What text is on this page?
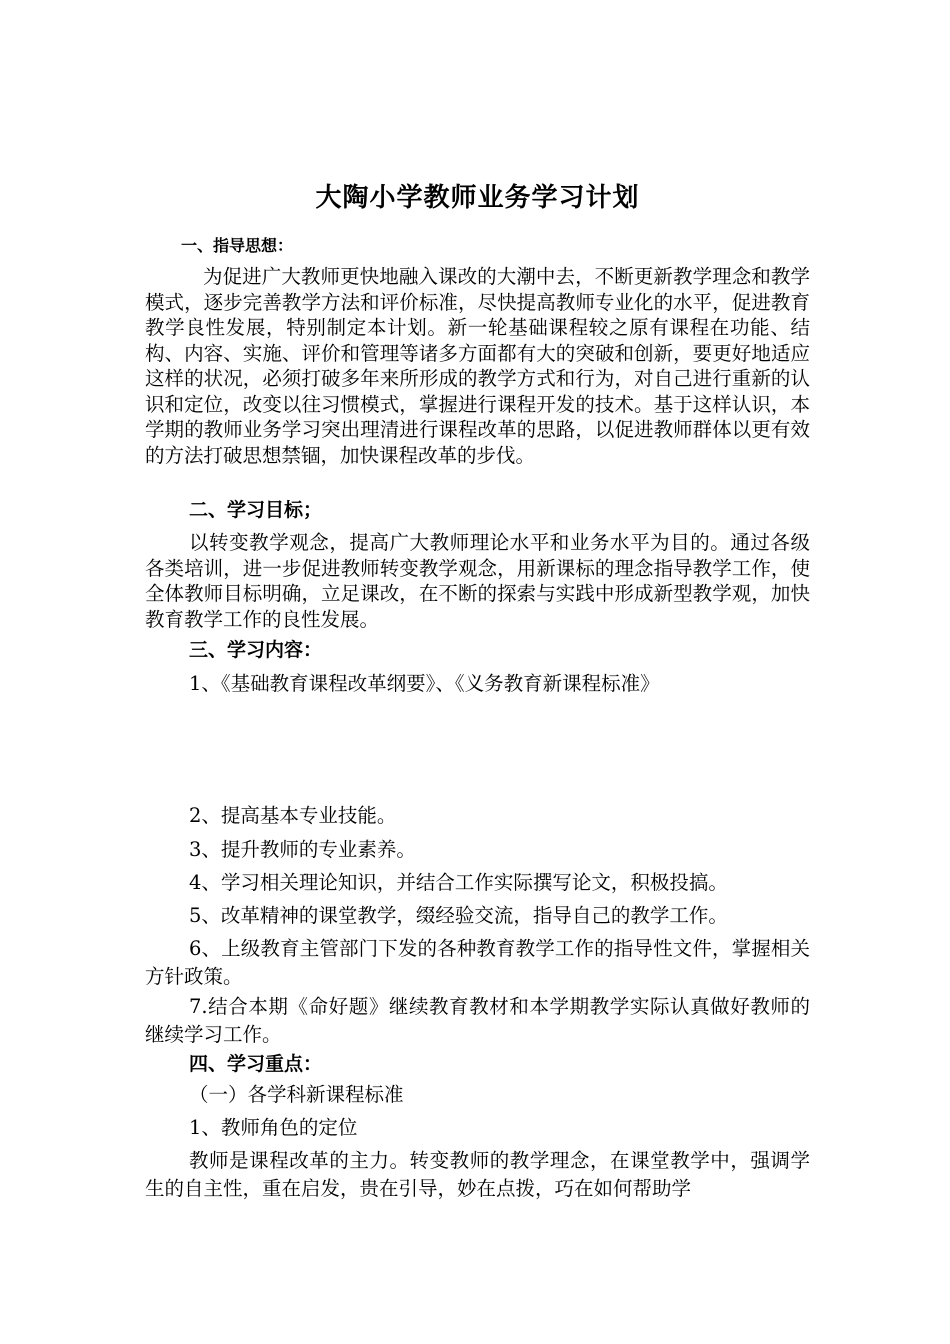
大陶小学教师业务学习计划
一、指导思想：
为促进广大教师更快地融入课改的大潮中去，不断更新教学理念和教学模式，逐步完善教学方法和评价标准，尽快提高教师专业化的水平，促进教育教学良性发展，特别制定本计划。新一轮基础课程较之原有课程在功能、结构、内容、实施、评价和管理等诸多方面都有大的突破和创新，要更好地适应这样的状况，必须打破多年来所形成的教学方式和行为，对自己进行重新的认识和定位，改变以往习惯模式，掌握进行课程开发的技术。基于这样认识，本学期的教师业务学习突出理清进行课程改革的思路，以促进教师群体以更有效的方法打破思想禁锢，加快课程改革的步伐。
二、学习目标；
以转变教学观念，提高广大教师理论水平和业务水平为目的。通过各级各类培训，进一步促进教师转变教学观念，用新课标的理念指导教学工作，使全体教师目标明确，立足课改，在不断的探索与实践中形成新型教学观，加快教育教学工作的良性发展。
三、学习内容：
1、《基础教育课程改革纲要》、《义务教育新课程标准》
2、提高基本专业技能。
3、提升教师的专业素养。
4、学习相关理论知识，并结合工作实际撰写论文，积极投搞。
5、改革精神的课堂教学，缀经验交流，指导自己的教学工作。
6、上级教育主管部门下发的各种教育教学工作的指导性文件，掌握相关方针政策。
7.结合本期《命好题》继续教育教材和本学期教学实际认真做好教师的继续学习工作。
四、学习重点：
（一）各学科新课程标准
1、教师角色的定位
教师是课程改革的主力。转变教师的教学理念，在课堂教学中，强调学生的自主性，重在启发，贵在引导，妙在点拨，巧在如何帮助学
